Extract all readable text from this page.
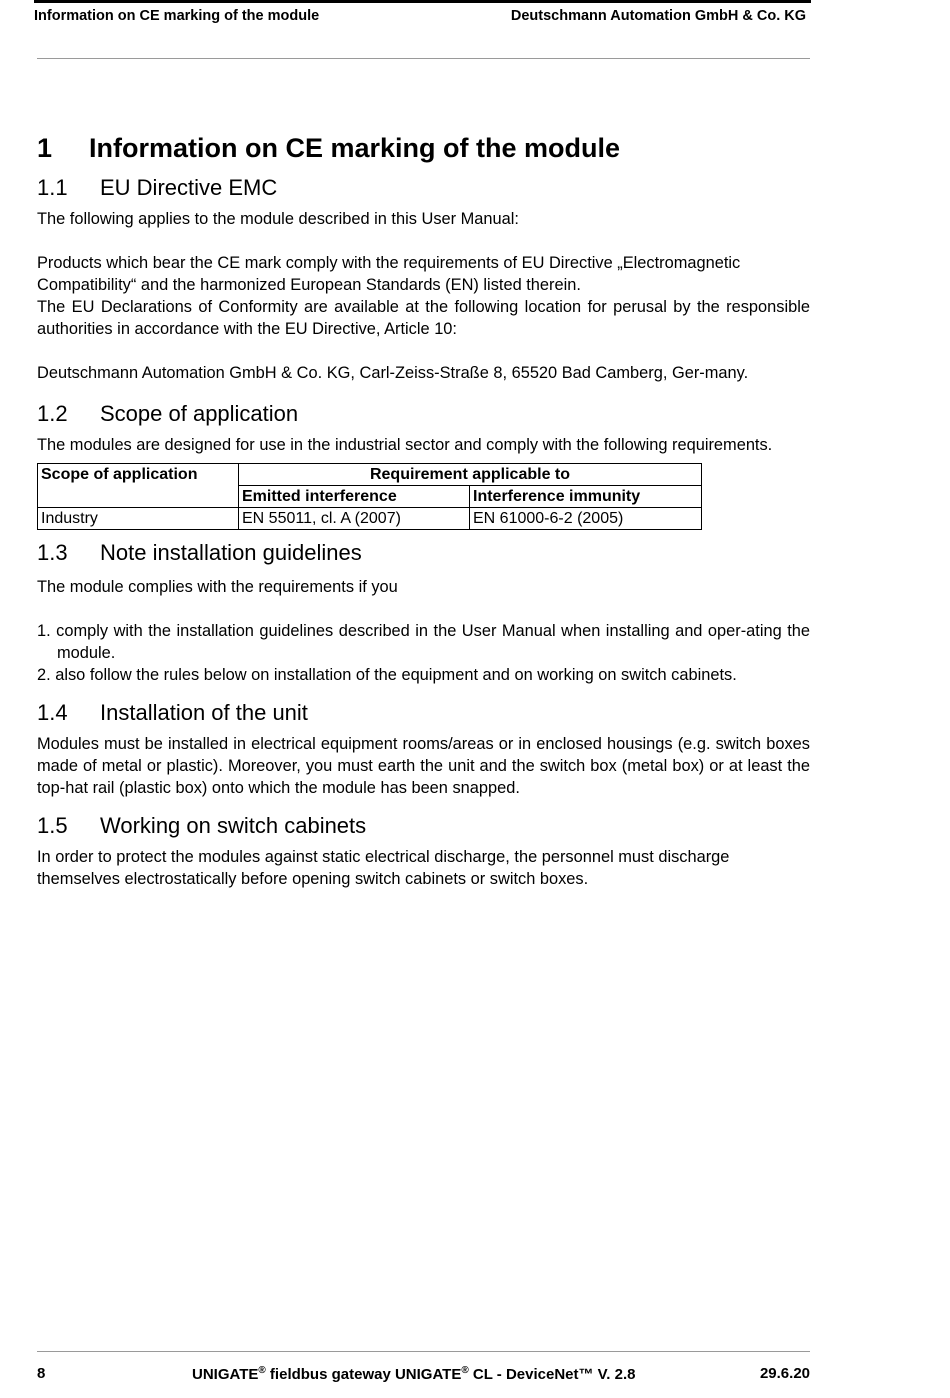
Information on CE marking of the module	Deutschmann Automation GmbH & Co. KG
1	Information on CE marking of the module
1.1	EU Directive EMC

The following applies to the module described in this User Manual:

Products which bear the CE mark comply with the requirements of EU Directive „Electromagnetic Compatibility“ and the harmonized European Standards (EN) listed therein.

The EU Declarations of Conformity are available at the following location for perusal by the responsible authorities in accordance with the EU Directive, Article 10:

Deutschmann Automation GmbH & Co. KG, Carl-Zeiss-Straße 8, 65520 Bad Camberg, Ger-many.

1.2	Scope of application

The modules are designed for use in the industrial sector and comply with the following requirements.

Scope of application	Requirement applicable to	
	Emitted interference	Interference immunity
Industry	EN 55011, cl. A (2007)	EN 61000-6-2 (2005)
1.3	Note installation guidelines

The module complies with the requirements if you

1. comply with the installation guidelines described in the User Manual when installing and oper-ating the module.
2. also follow the rules below on installation of the equipment and on working on switch cabinets.
1.4	Installation of the unit

Modules must be installed in electrical equipment rooms/areas or in enclosed housings (e.g. switch boxes made of metal or plastic). Moreover, you must earth the unit and the switch box (metal box) or at least the top-hat rail (plastic box) onto which the module has been snapped.

1.5	Working on switch cabinets

In order to protect the modules against static electrical discharge, the personnel must discharge themselves electrostatically before opening switch cabinets or switch boxes.

8	UNIGATE® fieldbus gateway UNIGATE® CL - DeviceNet™ V. 2.8	29.6.20
